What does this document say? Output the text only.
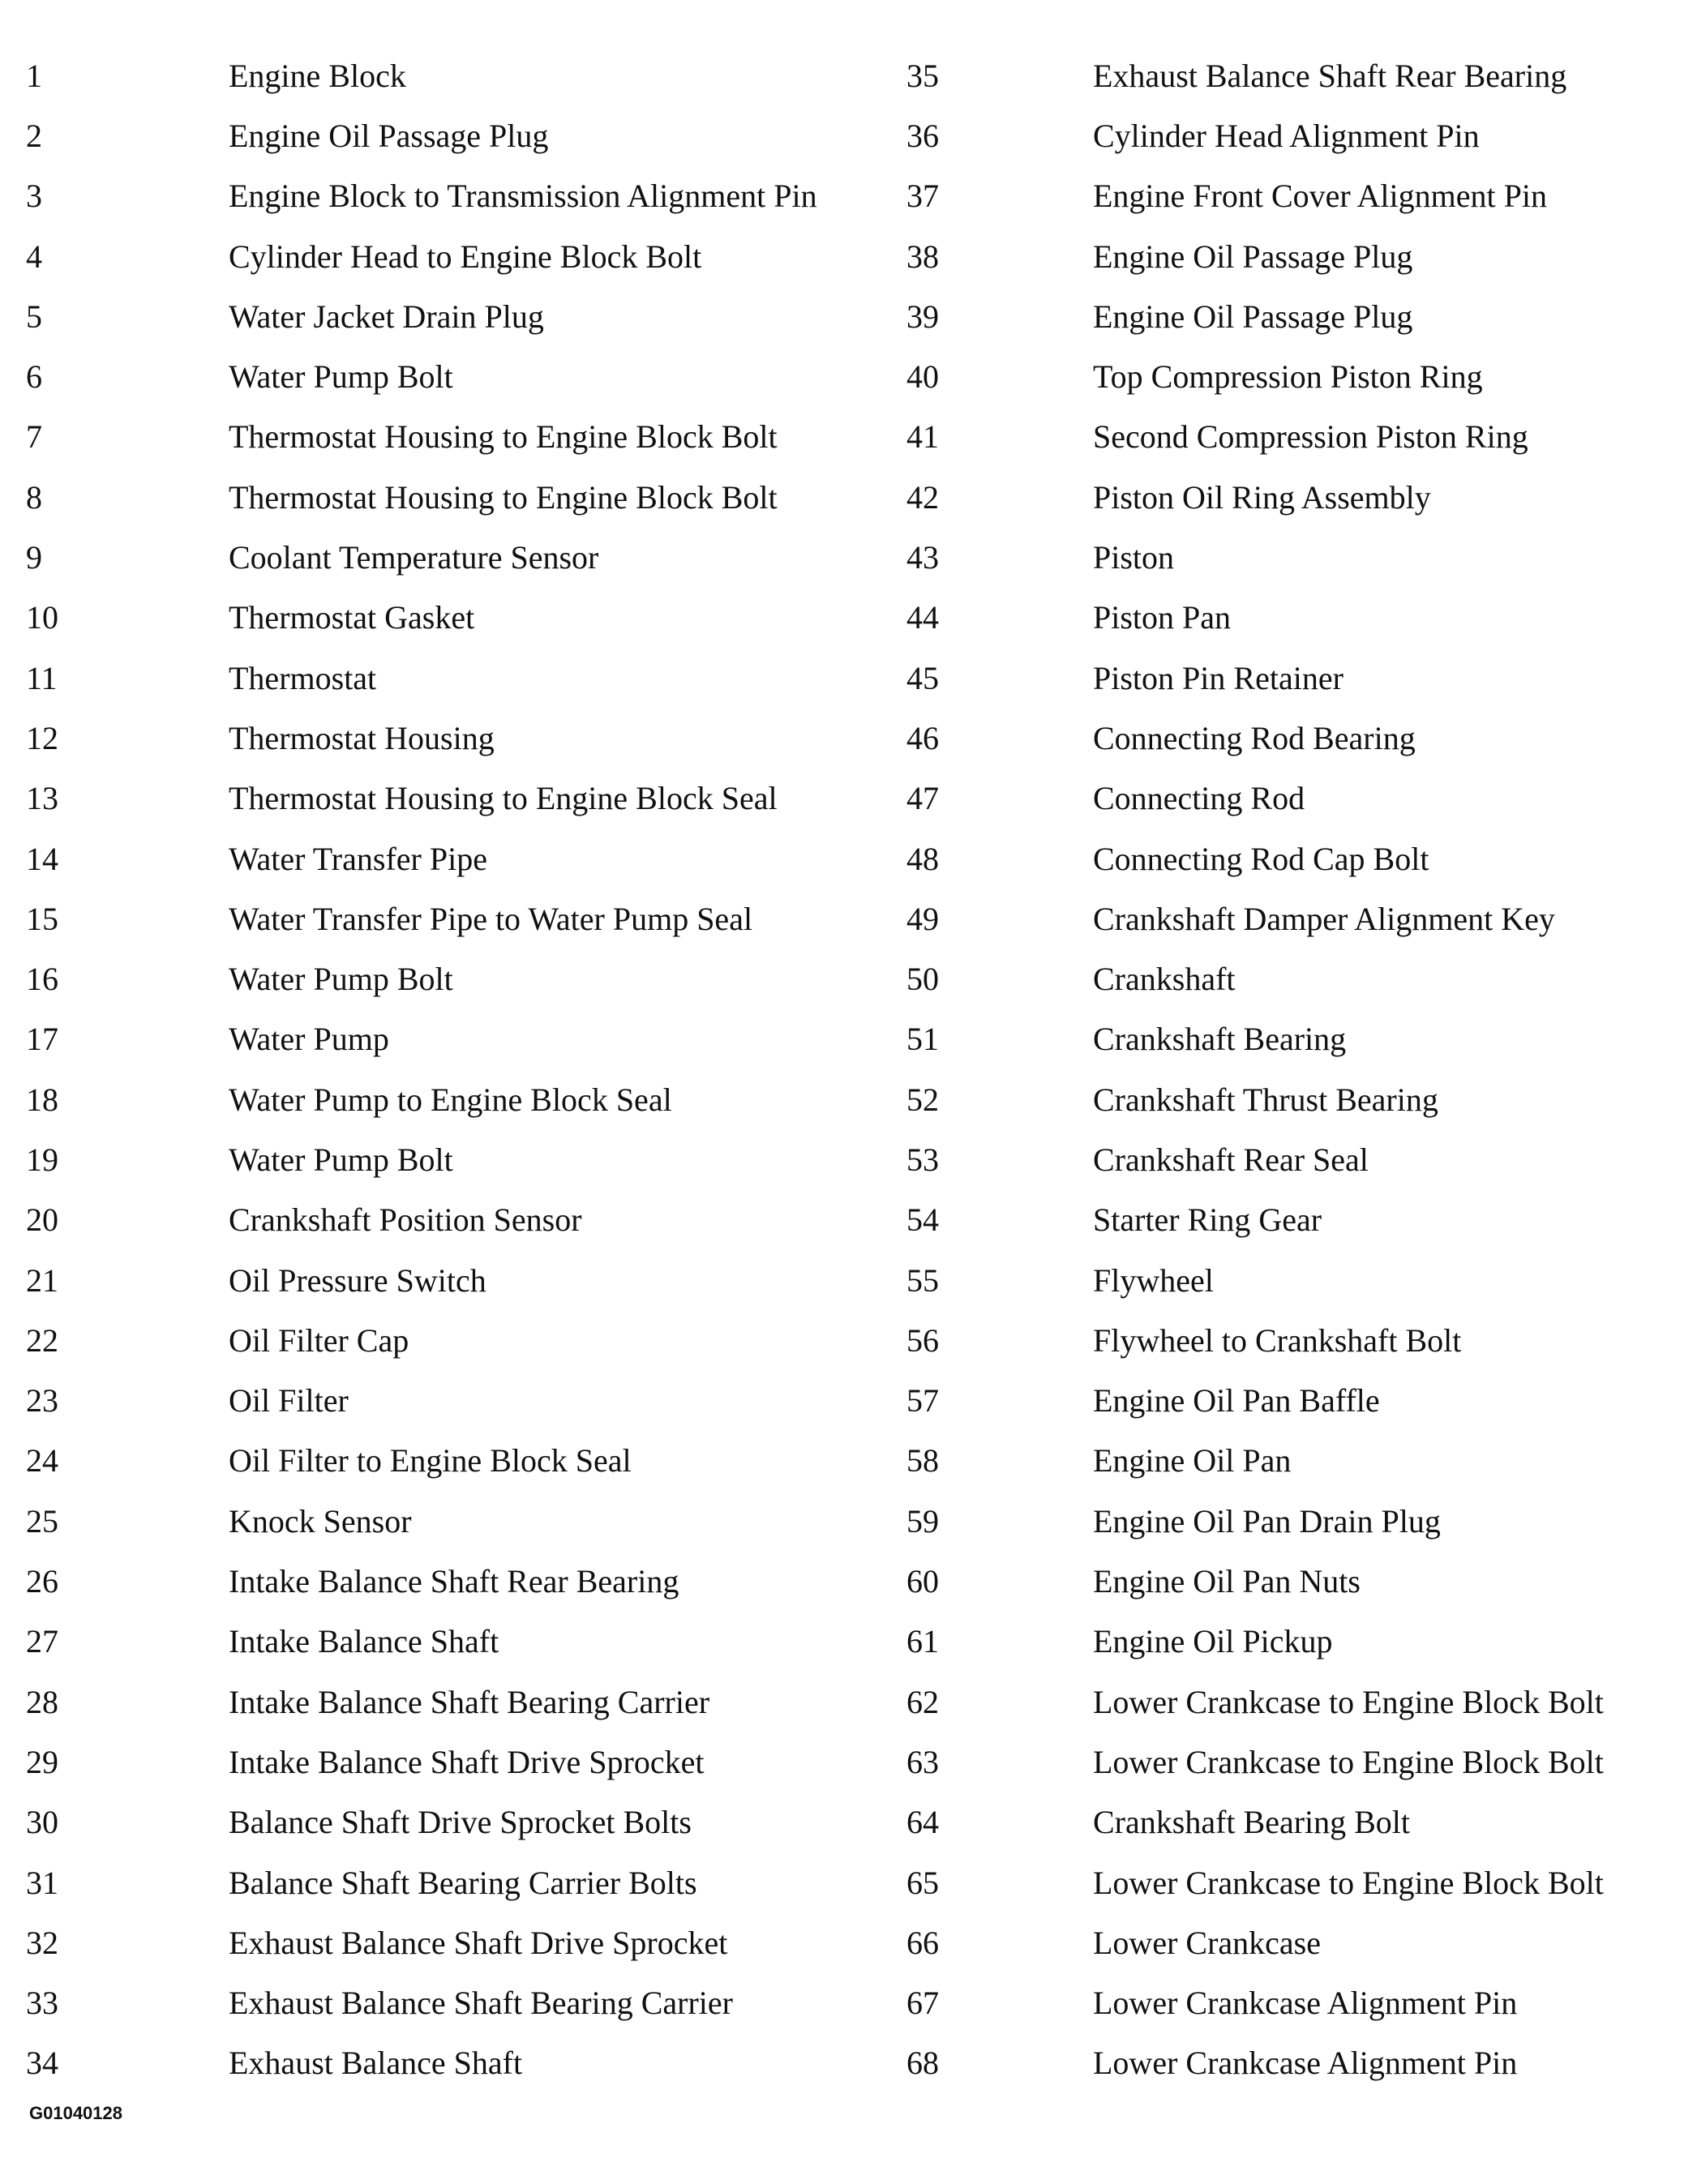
1	Engine Block
2	Engine Oil Passage Plug
3	Engine Block to Transmission Alignment Pin
4	Cylinder Head to Engine Block Bolt
5	Water Jacket Drain Plug
6	Water Pump Bolt
7	Thermostat Housing to Engine Block Bolt
8	Thermostat Housing to Engine Block Bolt
9	Coolant Temperature Sensor
10	Thermostat Gasket
11	Thermostat
12	Thermostat Housing
13	Thermostat Housing to Engine Block Seal
14	Water Transfer Pipe
15	Water Transfer Pipe to Water Pump Seal
16	Water Pump Bolt
17	Water Pump
18	Water Pump to Engine Block Seal
19	Water Pump Bolt
20	Crankshaft Position Sensor
21	Oil Pressure Switch
22	Oil Filter Cap
23	Oil Filter
24	Oil Filter to Engine Block Seal
25	Knock Sensor
26	Intake Balance Shaft Rear Bearing
27	Intake Balance Shaft
28	Intake Balance Shaft Bearing Carrier
29	Intake Balance Shaft Drive Sprocket
30	Balance Shaft Drive Sprocket Bolts
31	Balance Shaft Bearing Carrier Bolts
32	Exhaust Balance Shaft Drive Sprocket
33	Exhaust Balance Shaft Bearing Carrier
34	Exhaust Balance Shaft
35	Exhaust Balance Shaft Rear Bearing
36	Cylinder Head Alignment Pin
37	Engine Front Cover Alignment Pin
38	Engine Oil Passage Plug
39	Engine Oil Passage Plug
40	Top Compression Piston Ring
41	Second Compression Piston Ring
42	Piston Oil Ring Assembly
43	Piston
44	Piston Pan
45	Piston Pin Retainer
46	Connecting Rod Bearing
47	Connecting Rod
48	Connecting Rod Cap Bolt
49	Crankshaft Damper Alignment Key
50	Crankshaft
51	Crankshaft Bearing
52	Crankshaft Thrust Bearing
53	Crankshaft Rear Seal
54	Starter Ring Gear
55	Flywheel
56	Flywheel to Crankshaft Bolt
57	Engine Oil Pan Baffle
58	Engine Oil Pan
59	Engine Oil Pan Drain Plug
60	Engine Oil Pan Nuts
61	Engine Oil Pickup
62	Lower Crankcase to Engine Block Bolt
63	Lower Crankcase to Engine Block Bolt
64	Crankshaft Bearing Bolt
65	Lower Crankcase to Engine Block Bolt
66	Lower Crankcase
67	Lower Crankcase Alignment Pin
68	Lower Crankcase Alignment Pin
G01040128
